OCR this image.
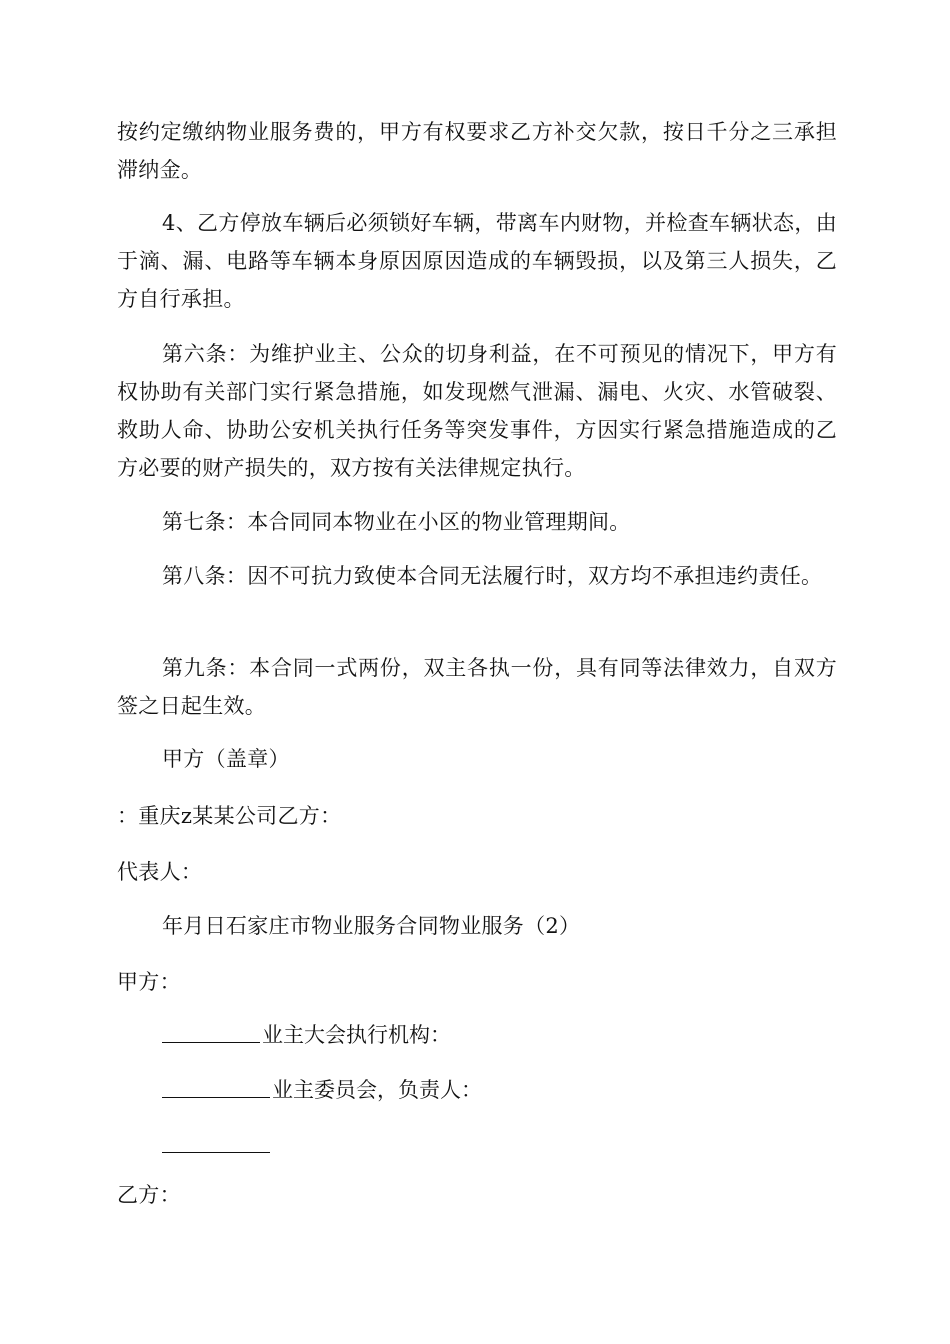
按约定缴纳物业服务费的，甲方有权要求乙方补交欠款，按日千分之三承担滞纳金。

4、乙方停放车辆后必须锁好车辆，带离车内财物，并检查车辆状态，由于滴、漏、电路等车辆本身原因原因造成的车辆毁损，以及第三人损失，乙方自行承担。

第六条：为维护业主、公众的切身利益，在不可预见的情况下，甲方有权协助有关部门实行紧急措施，如发现燃气泄漏、漏电、火灾、水管破裂、救助人命、协助公安机关执行任务等突发事件，方因实行紧急措施造成的乙方必要的财产损失的，双方按有关法律规定执行。

第七条：本合同同本物业在小区的物业管理期间。

第八条：因不可抗力致使本合同无法履行时，双方均不承担违约责任。

第九条：本合同一式两份，双主各执一份，具有同等法律效力，自双方签之日起生效。

甲方（盖章）

：重庆z某某公司乙方：

代表人：

年月日石家庄市物业服务合同物业服务（2）

甲方：

业主大会执行机构：
业主委员会，负责人：

乙方：
